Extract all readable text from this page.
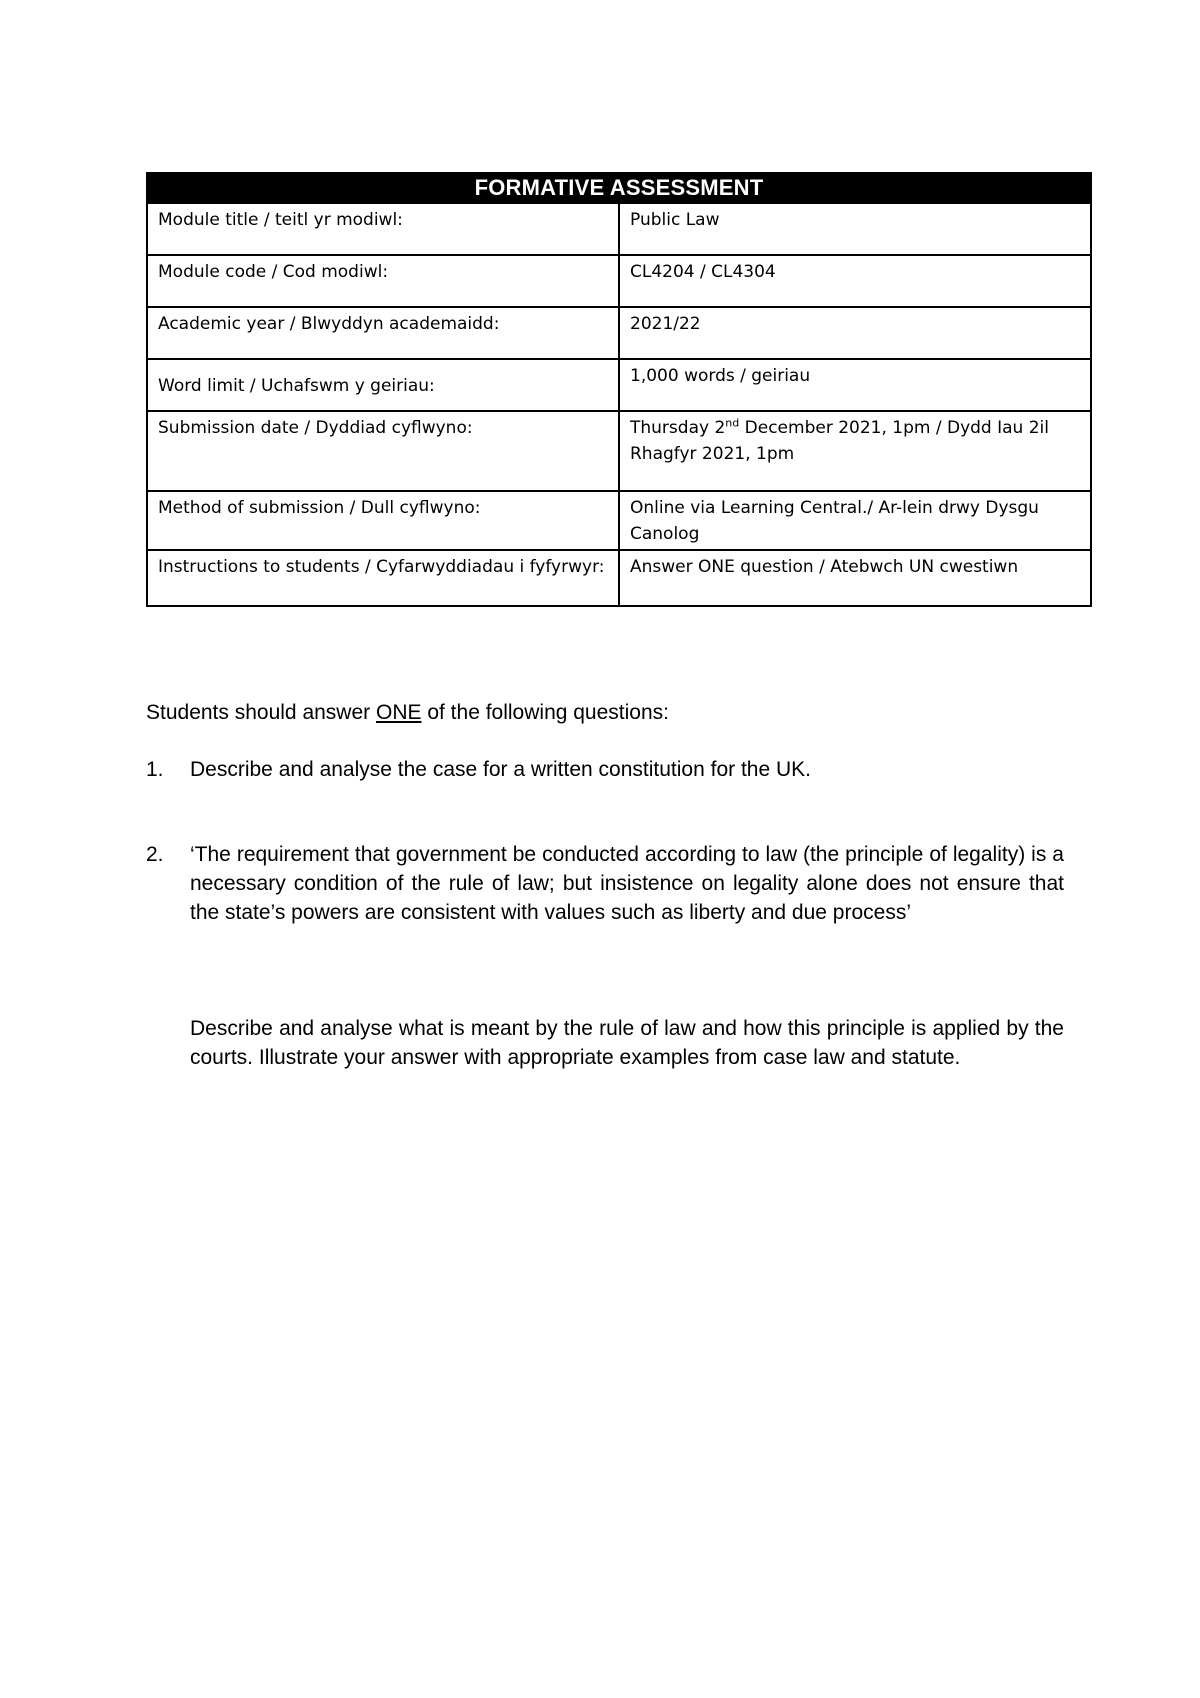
FORMATIVE ASSESSMENT	
Module title / teitl yr modiwl:	Public Law
Module code / Cod modiwl:	CL4204 / CL4304
Academic year / Blwyddyn academaidd:	2021/22
Word limit / Uchafswm y geiriau:	1,000 words / geiriau
Submission date / Dyddiad cyflwyno:	Thursday 2nd December 2021, 1pm / Dydd Iau 2il Rhagfyr 2021, 1pm
Method of submission / Dull cyflwyno:	Online via Learning Central./ Ar-lein drwy Dysgu Canolog
Instructions to students / Cyfarwyddiadau i fyfyrwyr:	Answer ONE question / Atebwch UN cwestiwn
Students should answer ONE of the following questions:
1. Describe and analyse the case for a written constitution for the UK.
2. ‘The requirement that government be conducted according to law (the principle of legality) is a necessary condition of the rule of law; but insistence on legality alone does not ensure that the state’s powers are consistent with values such as liberty and due process’
Describe and analyse what is meant by the rule of law and how this principle is applied by the courts. Illustrate your answer with appropriate examples from case law and statute.
